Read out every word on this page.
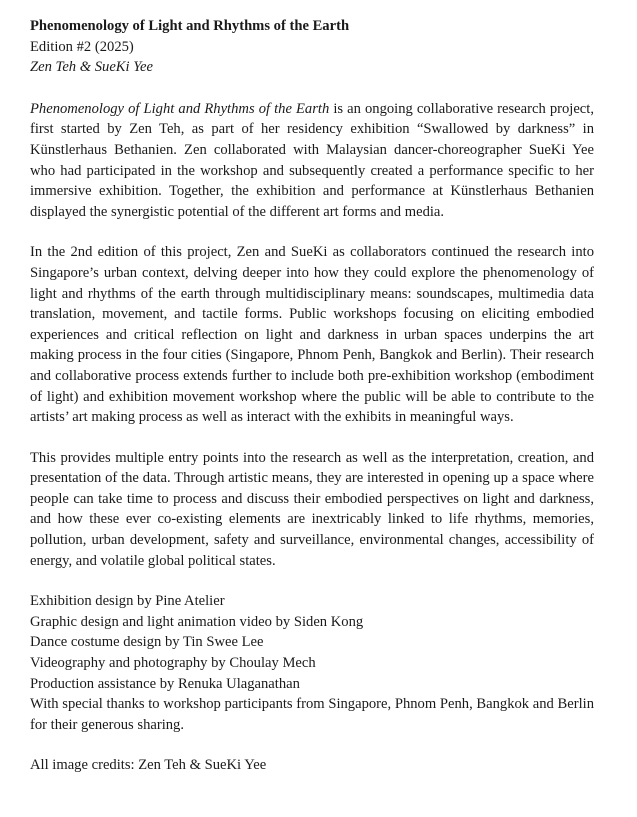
Phenomenology of Light and Rhythms of the Earth
Edition #2 (2025)
Zen Teh & SueKi Yee

Phenomenology of Light and Rhythms of the Earth is an ongoing collaborative research project, first started by Zen Teh, as part of her residency exhibition “Swallowed by darkness” in Künstlerhaus Bethanien. Zen collaborated with Malaysian dancer-choreographer SueKi Yee who had participated in the workshop and subsequently created a performance specific to her immersive exhibition. Together, the exhibition and performance at Künstlerhaus Bethanien displayed the synergistic potential of the different art forms and media.

In the 2nd edition of this project, Zen and SueKi as collaborators continued the research into Singapore’s urban context, delving deeper into how they could explore the phenomenology of light and rhythms of the earth through multidisciplinary means: soundscapes, multimedia data translation, movement, and tactile forms. Public workshops focusing on eliciting embodied experiences and critical reflection on light and darkness in urban spaces underpins the art making process in the four cities (Singapore, Phnom Penh, Bangkok and Berlin). Their research and collaborative process extends further to include both pre-exhibition workshop (embodiment of light) and exhibition movement workshop where the public will be able to contribute to the artists’ art making process as well as interact with the exhibits in meaningful ways.

This provides multiple entry points into the research as well as the interpretation, creation, and presentation of the data. Through artistic means, they are interested in opening up a space where people can take time to process and discuss their embodied perspectives on light and darkness, and how these ever co-existing elements are inextricably linked to life rhythms, memories, pollution, urban development, safety and surveillance, environmental changes, accessibility of energy, and volatile global political states.

Exhibition design by Pine Atelier
Graphic design and light animation video by Siden Kong
Dance costume design by Tin Swee Lee
Videography and photography by Choulay Mech
Production assistance by Renuka Ulaganathan
With special thanks to workshop participants from Singapore, Phnom Penh, Bangkok and Berlin for their generous sharing.
All image credits: Zen Teh & SueKi Yee
